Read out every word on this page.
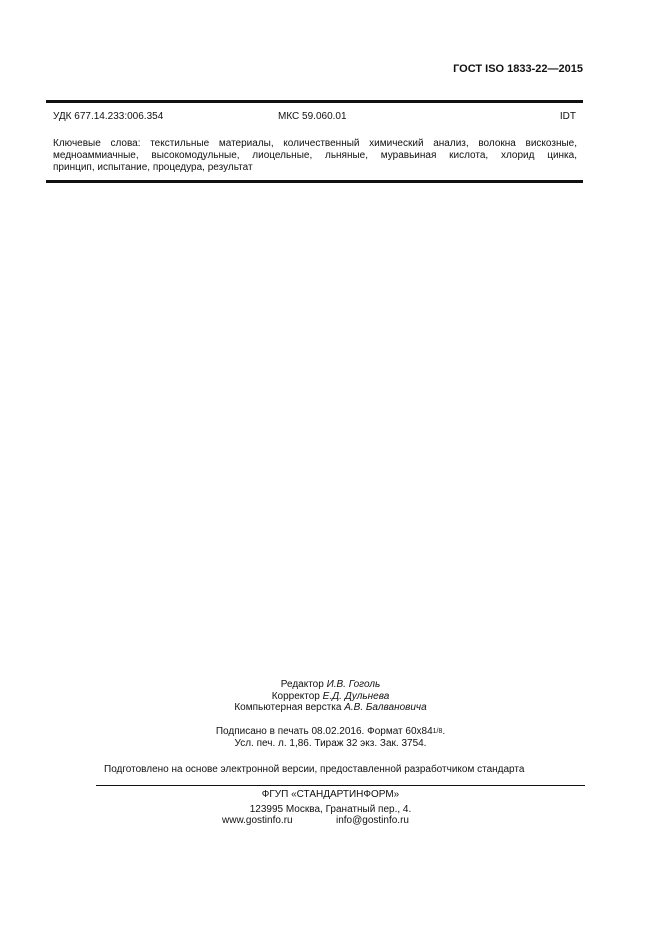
ГОСТ ISO 1833-22—2015
УДК 677.14.233:006.354	МКС 59.060.01	IDT
Ключевые слова: текстильные материалы, количественный химический анализ, волокна вискозные,
медноаммиачные, высокомодульные, лиоцельные, льняные, муравьиная кислота, хлорид цинка,
принцип, испытание, процедура, результат
Редактор И.В. Гоголь
Корректор Е.Д. Дульнева
Компьютерная верстка А.В. Балвановича
Подписано в печать 08.02.2016. Формат $60x84^{1/8}$.
Усл. печ. л. 1,86. Тираж 32 экз. Зак. 3754.
Подготовлено на основе электронной версии, предоставленной разработчиком стандарта
ФГУП «СТАНДАРТИНФОРМ»
123995 Москва, Гранатный пер., 4.
www.gostinfo.ru	info@gostinfo.ru
